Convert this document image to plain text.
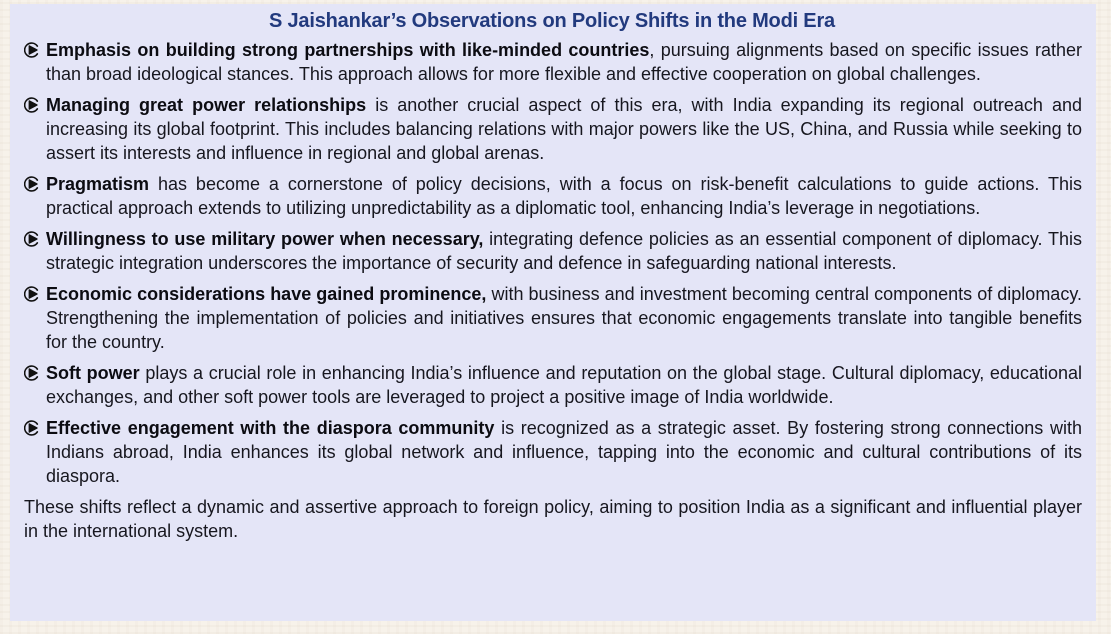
S Jaishankar’s Observations on Policy Shifts in the Modi Era

Emphasis on building strong partnerships with like-minded countries, pursuing alignments based on specific issues rather than broad ideological stances. This approach allows for more flexible and effective cooperation on global challenges.

Managing great power relationships is another crucial aspect of this era, with India expanding its regional outreach and increasing its global footprint. This includes balancing relations with major powers like the US, China, and Russia while seeking to assert its interests and influence in regional and global arenas.

Pragmatism has become a cornerstone of policy decisions, with a focus on risk-benefit calculations to guide actions. This practical approach extends to utilizing unpredictability as a diplomatic tool, enhancing India’s leverage in negotiations.

Willingness to use military power when necessary, integrating defence policies as an essential component of diplomacy. This strategic integration underscores the importance of security and defence in safeguarding national interests.

Economic considerations have gained prominence, with business and investment becoming central components of diplomacy. Strengthening the implementation of policies and initiatives ensures that economic engagements translate into tangible benefits for the country.

Soft power plays a crucial role in enhancing India’s influence and reputation on the global stage. Cultural diplomacy, educational exchanges, and other soft power tools are leveraged to project a positive image of India worldwide.

Effective engagement with the diaspora community is recognized as a strategic asset. By fostering strong connections with Indians abroad, India enhances its global network and influence, tapping into the economic and cultural contributions of its diaspora.

These shifts reflect a dynamic and assertive approach to foreign policy, aiming to position India as a significant and influential player in the international system.
